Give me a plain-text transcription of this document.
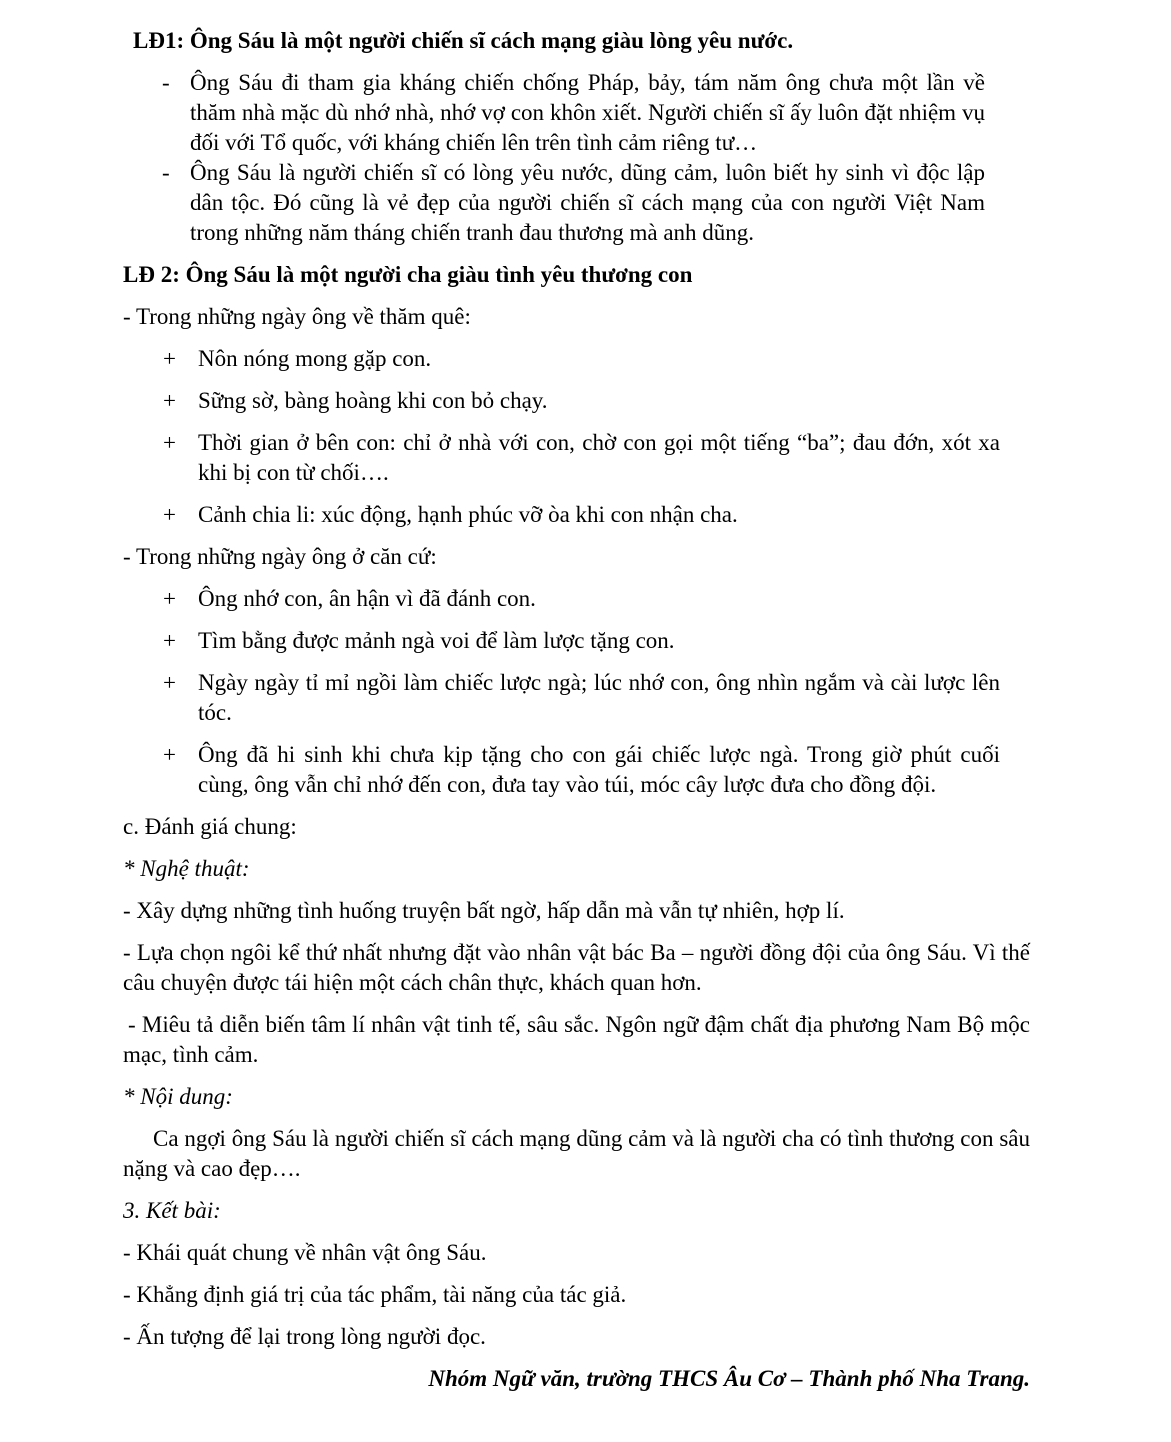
LĐ1: Ông Sáu là một người chiến sĩ cách mạng giàu lòng yêu nước.
- Ông Sáu đi tham gia kháng chiến chống Pháp, bảy, tám năm ông chưa một lần về thăm nhà mặc dù nhớ nhà, nhớ vợ con khôn xiết. Người chiến sĩ ấy luôn đặt nhiệm vụ đối với Tổ quốc, với kháng chiến lên trên tình cảm riêng tư…
- Ông Sáu là người chiến sĩ có lòng yêu nước, dũng cảm, luôn biết hy sinh vì độc lập dân tộc. Đó cũng là vẻ đẹp của người chiến sĩ cách mạng của con người Việt Nam trong những năm tháng chiến tranh đau thương mà anh dũng.
LĐ 2: Ông Sáu là một người cha giàu tình yêu thương con

- Trong những ngày ông về thăm quê:

+ Nôn nóng mong gặp con.
+ Sững sờ, bàng hoàng khi con bỏ chạy.
+ Thời gian ở bên con: chỉ ở nhà với con, chờ con gọi một tiếng “ba”; đau đớn, xót xa khi bị con từ chối….
+ Cảnh chia li: xúc động, hạnh phúc vỡ òa khi con nhận cha.

- Trong những ngày ông ở căn cứ:

+ Ông nhớ con, ân hận vì đã đánh con.
+ Tìm bằng được mảnh ngà voi để làm lược tặng con.
+ Ngày ngày tỉ mỉ ngồi làm chiếc lược ngà; lúc nhớ con, ông nhìn ngắm và cài lược lên tóc.
+ Ông đã hi sinh khi chưa kịp tặng cho con gái chiếc lược ngà. Trong giờ phút cuối cùng, ông vẫn chỉ nhớ đến con, đưa tay vào túi, móc cây lược đưa cho đồng đội.

c. Đánh giá chung:

* Nghệ thuật:

- Xây dựng những tình huống truyện bất ngờ, hấp dẫn mà vẫn tự nhiên, hợp lí.

- Lựa chọn ngôi kể thứ nhất nhưng đặt vào nhân vật bác Ba – người đồng đội của ông Sáu. Vì thế câu chuyện được tái hiện một cách chân thực, khách quan hơn.

- Miêu tả diễn biến tâm lí nhân vật tinh tế, sâu sắc. Ngôn ngữ đậm chất địa phương Nam Bộ mộc mạc, tình cảm.

* Nội dung:

Ca ngợi ông Sáu là người chiến sĩ cách mạng dũng cảm và là người cha có tình thương con sâu nặng và cao đẹp….

3. Kết bài:

- Khái quát chung về nhân vật ông Sáu.

- Khẳng định giá trị của tác phẩm, tài năng của tác giả.

- Ấn tượng để lại trong lòng người đọc.

Nhóm Ngữ văn, trường THCS Âu Cơ – Thành phố Nha Trang.
